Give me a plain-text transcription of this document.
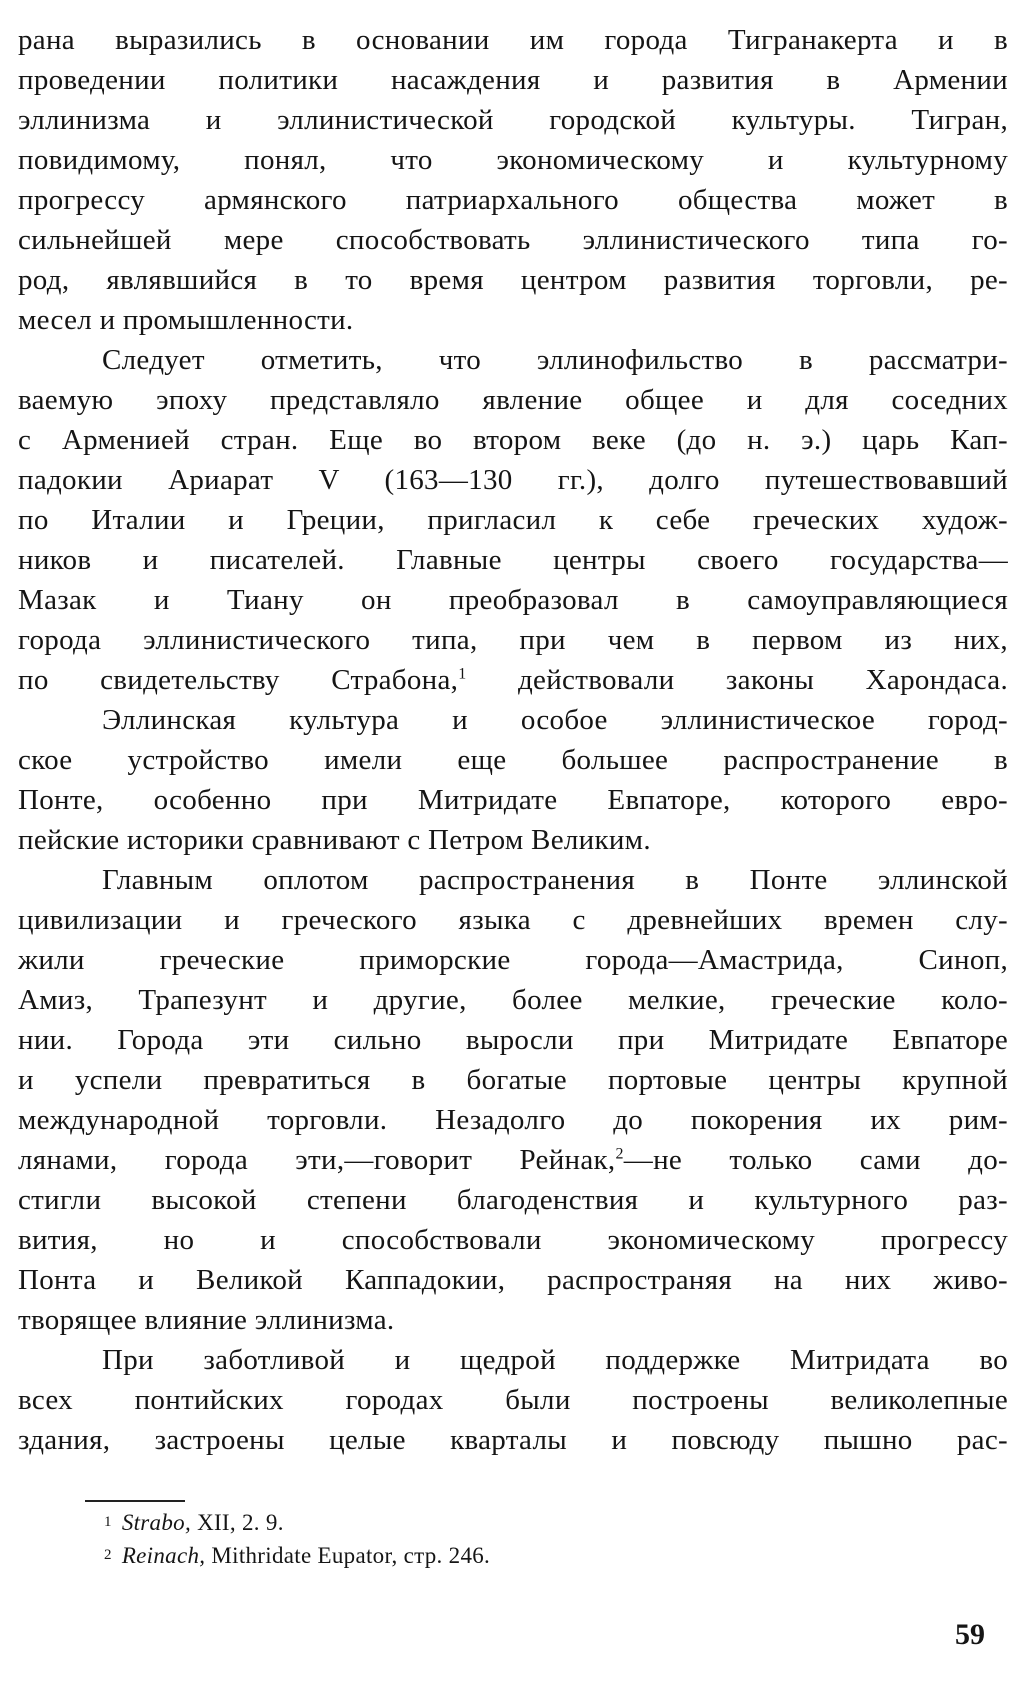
рана выразились в основании им города Тигранакерта и в
проведении политики насаждения и развития в Армении
эллинизма и эллинистической городской культуры. Тигран,
повидимому, понял, что экономическому и культурному
прогрессу армянского патриархального общества может в
сильнейшей мере способствовать эллинистического типа го-
род, являвшийся в то время центром развития торговли, ре-
месел и промышленности.
Следует отметить, что эллинофильство в рассматри-
ваемую эпоху представляло явление общее и для соседних
с Арменией стран. Еще во втором веке (до н. э.) царь Кап-
падокии Ариарат V (163—130 гг.), долго путешествовавший
по Италии и Греции, пригласил к себе греческих худож-
ников и писателей. Главные центры своего государства—
Мазак и Тиану он преобразовал в самоуправляющиеся
города эллинистического типа, при чем в первом из них,
по свидетельству Страбона,$^1$ действовали законы Харондаса.
Эллинская культура и особое эллинистическое город-
ское устройство имели еще большее распространение в
Понте, особенно при Митридате Евпаторе, которого евро-
пейские историки сравнивают с Петром Великим.
Главным оплотом распространения в Понте эллинской
цивилизации и греческого языка с древнейших времен слу-
жили греческие приморские города—Амастрида, Синоп,
Амиз, Трапезунт и другие, более мелкие, греческие коло-
нии. Города эти сильно выросли при Митридате Евпаторе
и успели превратиться в богатые портовые центры крупной
международной торговли. Незадолго до покорения их рим-
лянами, города эти,—говорит Рейнак,$^2$—не только сами до-
стигли высокой степени благоденствия и культурного раз-
вития, но и способствовали экономическому прогрессу
Понта и Великой Каппадокии, распространяя на них живо-
творящее влияние эллинизма.
При заботливой и щедрой поддержке Митридата во
всех понтийских городах были построены великолепные
здания, застроены целые кварталы и повсюду пышно рас-
1 Strabo, XII, 2. 9.
2 Reinach, Mithridate Eupator, стр. 246.
59
